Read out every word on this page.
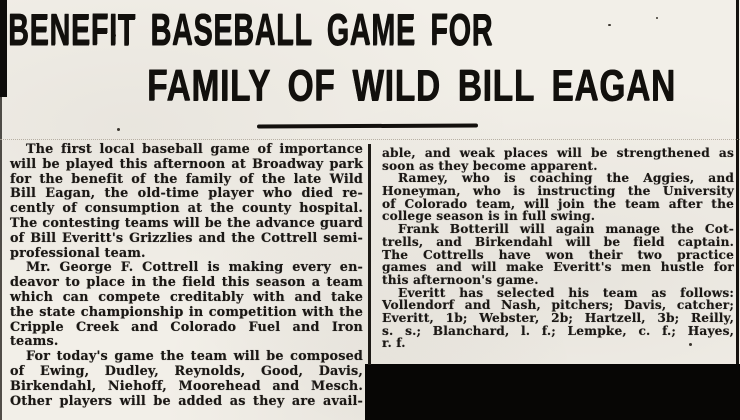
BENEFIT BASEBALL GAME FOR
FAMILY OF WILD BILL EAGAN
The first local baseball game of importance
will be played this afternoon at Broadway park
for the benefit of the family of the late Wild
Bill Eagan, the old-time player who died re-
cently of consumption at the county hospital.
The contesting teams will be the advance guard
of Bill Everitt's Grizzlies and the Cottrell semi-
professional team.
Mr. George F. Cottrell is making every en-
deavor to place in the field this season a team
which can compete creditably with and take
the state championship in competition with the
Cripple Creek and Colorado Fuel and Iron
teams.
For today's game the team will be composed
of Ewing, Dudley, Reynolds, Good, Davis,
Birkendahl, Niehoff, Moorehead and Mesch.
Other players will be added as they are avail-
able, and weak places will be strengthened as
soon as they become apparent.
Ramey, who is coaching the Aggies, and
Honeyman, who is instructing the University
of Colorado team, will join the team after the
college season is in full swing.
Frank Botterill will again manage the Cot-
trells, and Birkendahl will be field captain.
The Cottrells have won their two practice
games and will make Everitt's men hustle for
this afternoon's game.
Everitt has selected his team as follows:
Vollendorf and Nash, pitchers; Davis, catcher;
Everitt, 1b; Webster, 2b; Hartzell, 3b; Reilly,
s. s.; Blanchard, l. f.; Lempke, c. f.; Hayes,
r. f.
